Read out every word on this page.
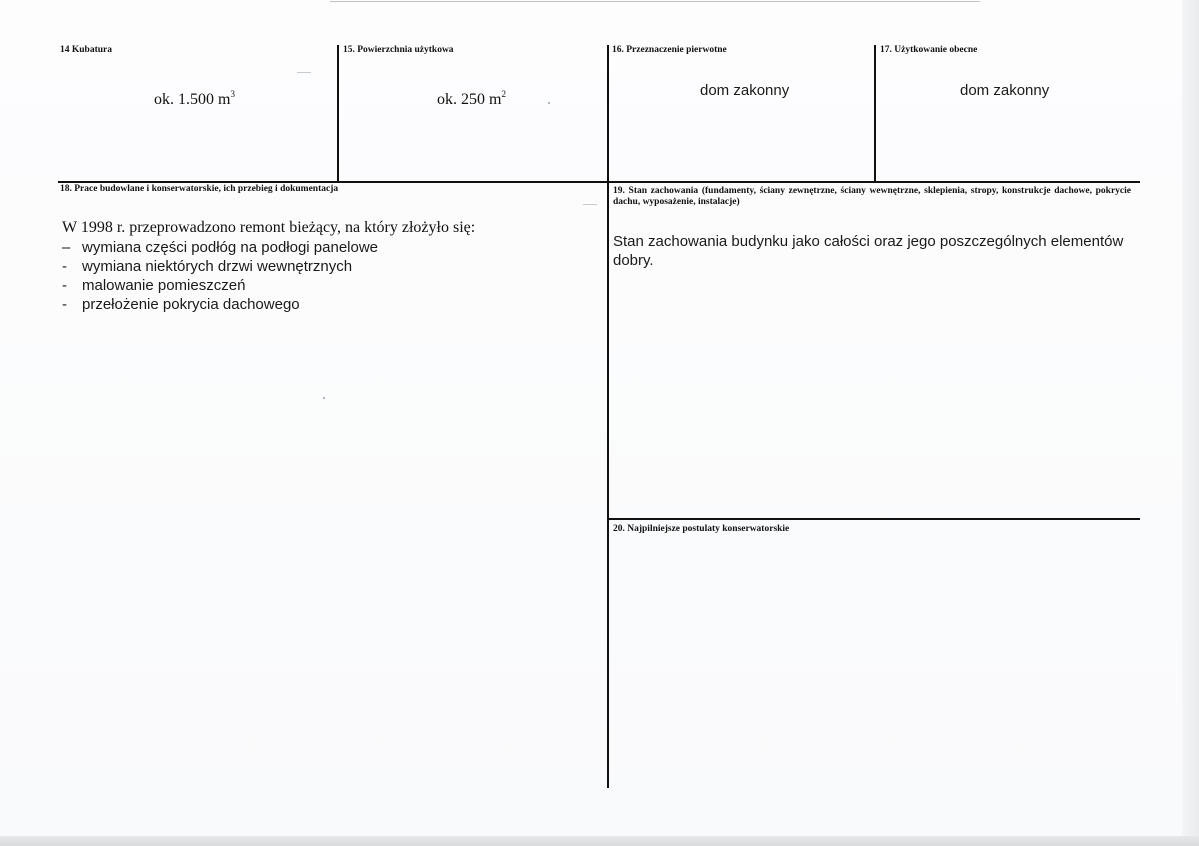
14 Kubatura
ok. 1.500 $m^3$
15. Powierzchnia użytkowa
ok. 250 $m^2$
16. Przeznaczenie pierwotne
dom zakonny
17. Użytkowanie obecne
dom zakonny
18. Prace budowlane i konserwatorskie, ich przebieg i dokumentacja
W 1998 r. przeprowadzono remont bieżący, na który złożyło się:
– wymiana części podłóg na podłogi panelowe
- wymiana niektórych drzwi wewnętrznych
- malowanie pomieszczeń
- przełożenie pokrycia dachowego
19. Stan zachowania (fundamenty, ściany zewnętrzne, ściany wewnętrzne, sklepienia, stropy, konstrukcje dachowe, pokrycie dachu, wyposażenie, instalacje)
Stan zachowania budynku jako całości oraz jego poszczególnych elementów dobry.
20. Najpilniejsze postulaty konserwatorskie
